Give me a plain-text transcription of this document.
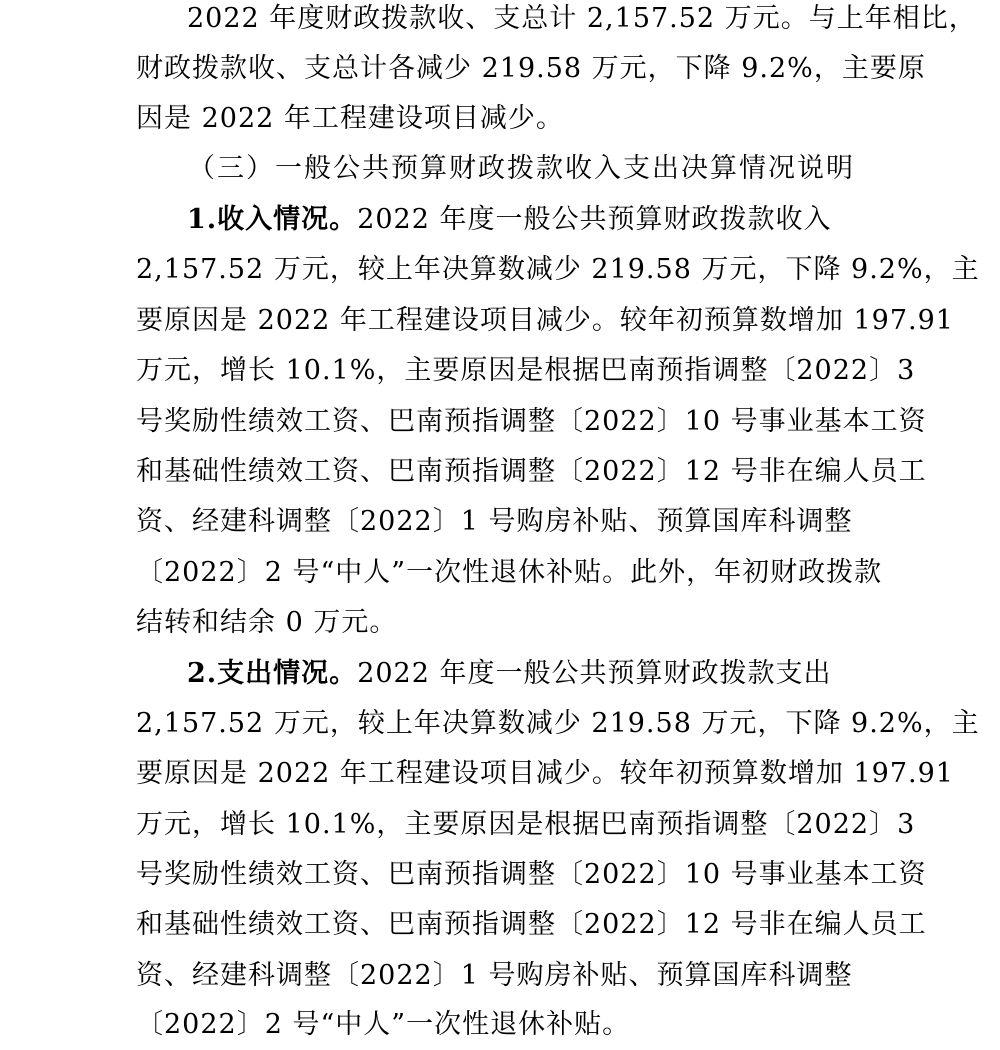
2022 年度财政拨款收、支总计 2,157.52 万元。与上年相比，
财政拨款收、支总计各减少 219.58 万元，下降 9.2%，主要原
因是 2022 年工程建设项目减少。
（三）一般公共预算财政拨款收入支出决算情况说明
1.收入情况。2022 年度一般公共预算财政拨款收入
2,157.52 万元，较上年决算数减少 219.58 万元，下降 9.2%，主
要原因是 2022 年工程建设项目减少。较年初预算数增加 197.91
万元，增长 10.1%，主要原因是根据巴南预指调整〔2022〕3
号奖励性绩效工资、巴南预指调整〔2022〕10 号事业基本工资
和基础性绩效工资、巴南预指调整〔2022〕12 号非在编人员工
资、经建科调整〔2022〕1 号购房补贴、预算国库科调整
〔2022〕2 号“中人”一次性退休补贴。此外，年初财政拨款
结转和结余 0 万元。
2.支出情况。2022 年度一般公共预算财政拨款支出
2,157.52 万元，较上年决算数减少 219.58 万元，下降 9.2%，主
要原因是 2022 年工程建设项目减少。较年初预算数增加 197.91
万元，增长 10.1%，主要原因是根据巴南预指调整〔2022〕3
号奖励性绩效工资、巴南预指调整〔2022〕10 号事业基本工资
和基础性绩效工资、巴南预指调整〔2022〕12 号非在编人员工
资、经建科调整〔2022〕1 号购房补贴、预算国库科调整
〔2022〕2 号“中人”一次性退休补贴。
